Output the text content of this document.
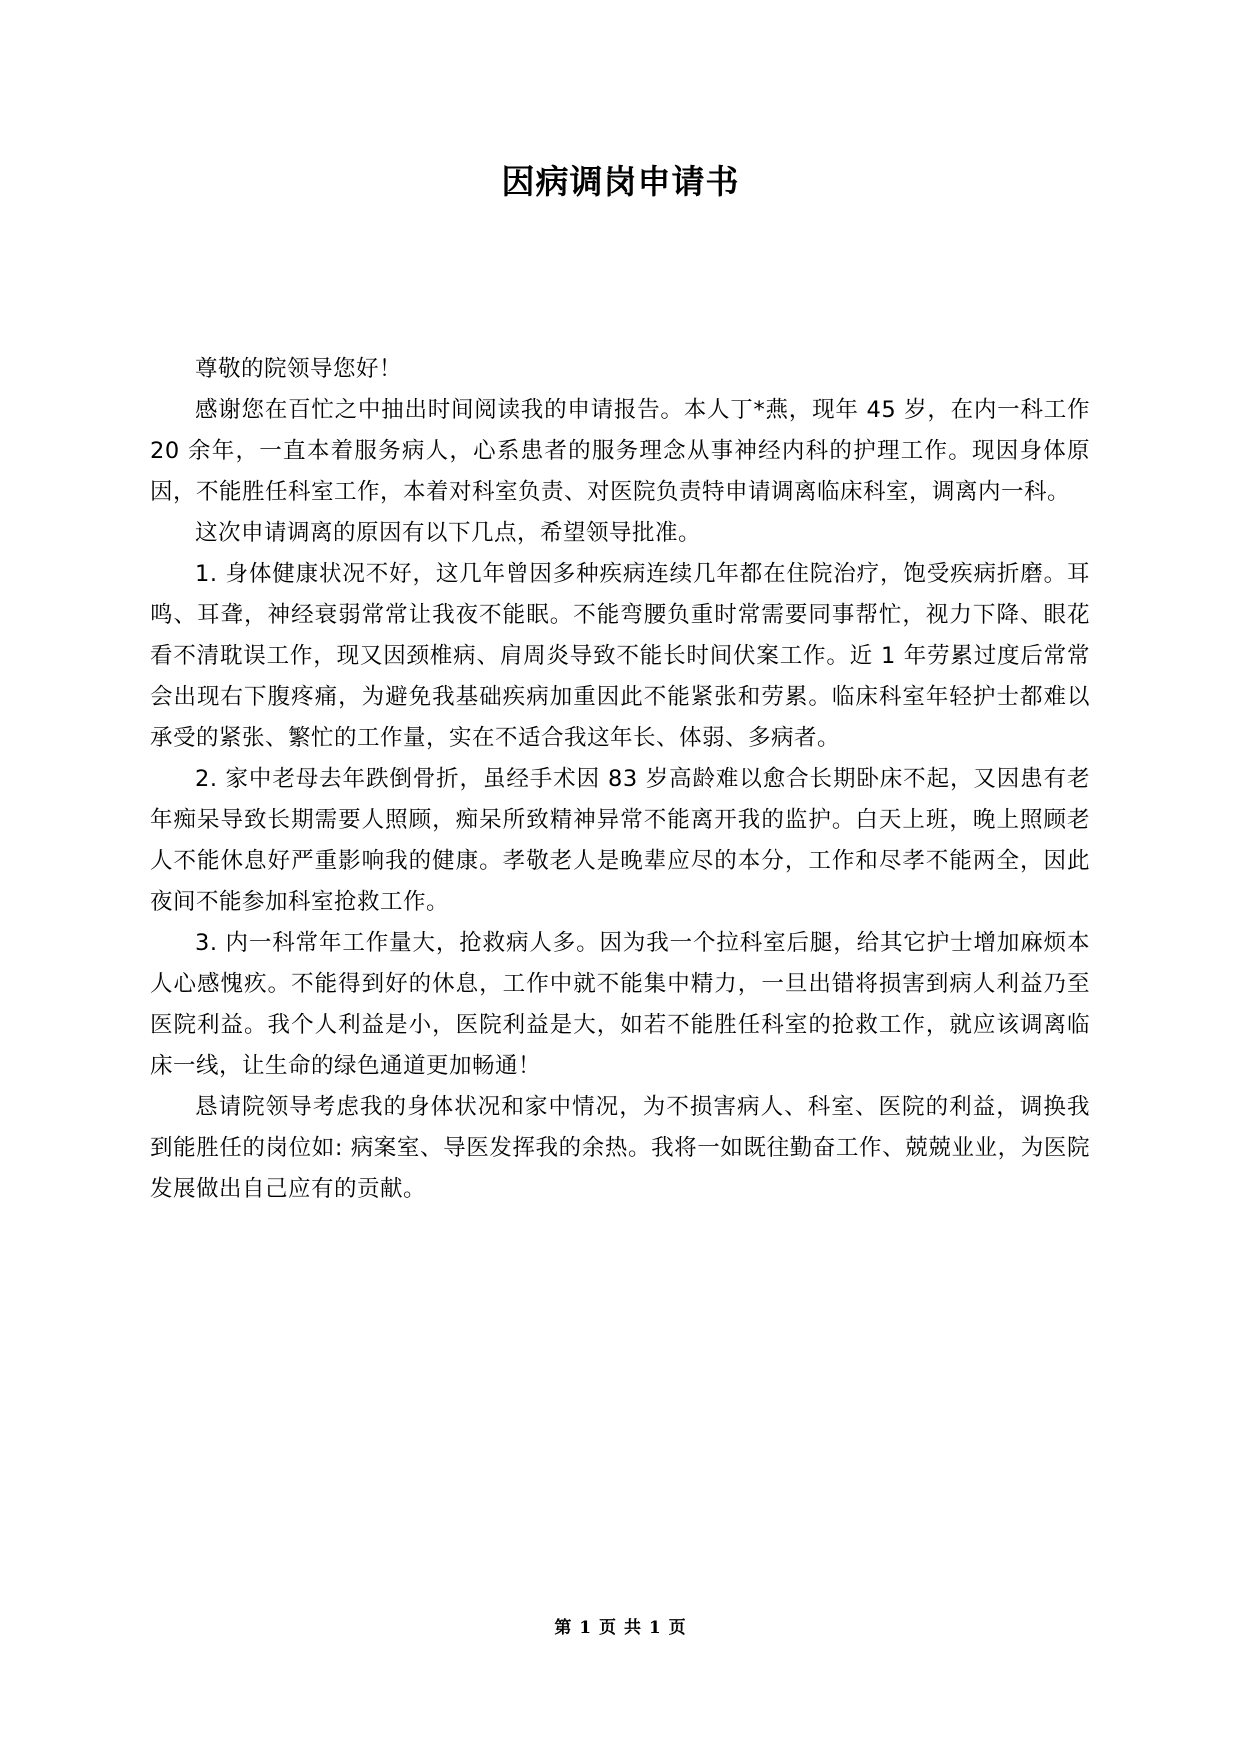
因病调岗申请书

尊敬的院领导您好！

感谢您在百忙之中抽出时间阅读我的申请报告。本人丁*燕，现年 45 岁，在内一科工作 20 余年，一直本着服务病人，心系患者的服务理念从事神经内科的护理工作。现因身体原因，不能胜任科室工作，本着对科室负责、对医院负责特申请调离临床科室，调离内一科。

这次申请调离的原因有以下几点，希望领导批准。

1. 身体健康状况不好，这几年曾因多种疾病连续几年都在住院治疗，饱受疾病折磨。耳鸣、耳聋，神经衰弱常常让我夜不能眠。不能弯腰负重时常需要同事帮忙，视力下降、眼花看不清耽误工作，现又因颈椎病、肩周炎导致不能长时间伏案工作。近 1 年劳累过度后常常会出现右下腹疼痛，为避免我基础疾病加重因此不能紧张和劳累。临床科室年轻护士都难以承受的紧张、繁忙的工作量，实在不适合我这年长、体弱、多病者。

2. 家中老母去年跌倒骨折，虽经手术因 83 岁高龄难以愈合长期卧床不起，又因患有老年痴呆导致长期需要人照顾，痴呆所致精神异常不能离开我的监护。白天上班，晚上照顾老人不能休息好严重影响我的健康。孝敬老人是晚辈应尽的本分，工作和尽孝不能两全，因此夜间不能参加科室抢救工作。

3. 内一科常年工作量大，抢救病人多。因为我一个拉科室后腿，给其它护士增加麻烦本人心感愧疚。不能得到好的休息，工作中就不能集中精力，一旦出错将损害到病人利益乃至医院利益。我个人利益是小，医院利益是大，如若不能胜任科室的抢救工作，就应该调离临床一线，让生命的绿色通道更加畅通！

恳请院领导考虑我的身体状况和家中情况，为不损害病人、科室、医院的利益，调换我到能胜任的岗位如: 病案室、导医发挥我的余热。我将一如既往勤奋工作、兢兢业业，为医院发展做出自己应有的贡献。

第 1 页 共 1 页
